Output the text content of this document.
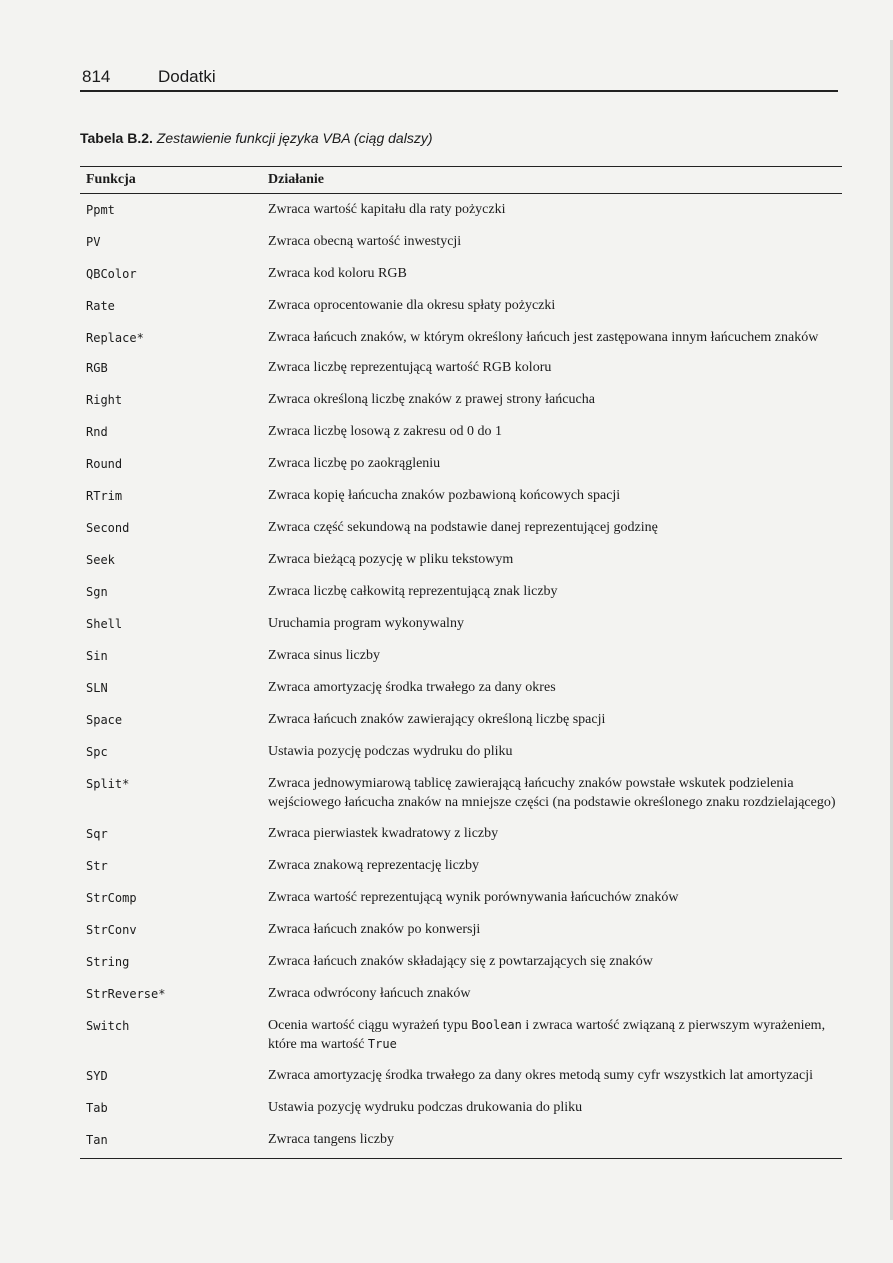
814	Dodatki
Tabela B.2. Zestawienie funkcji języka VBA (ciąg dalszy)
Funkcja	Działanie
Ppmt	Zwraca wartość kapitału dla raty pożyczki
PV	Zwraca obecną wartość inwestycji
QBColor	Zwraca kod koloru RGB
Rate	Zwraca oprocentowanie dla okresu spłaty pożyczki
Replace*	Zwraca łańcuch znaków, w którym określony łańcuch jest zastępowana innym łańcuchem znaków
RGB	Zwraca liczbę reprezentującą wartość RGB koloru
Right	Zwraca określoną liczbę znaków z prawej strony łańcucha
Rnd	Zwraca liczbę losową z zakresu od 0 do 1
Round	Zwraca liczbę po zaokrągleniu
RTrim	Zwraca kopię łańcucha znaków pozbawioną końcowych spacji
Second	Zwraca część sekundową na podstawie danej reprezentującej godzinę
Seek	Zwraca bieżącą pozycję w pliku tekstowym
Sgn	Zwraca liczbę całkowitą reprezentującą znak liczby
Shell	Uruchamia program wykonywalny
Sin	Zwraca sinus liczby
SLN	Zwraca amortyzację środka trwałego za dany okres
Space	Zwraca łańcuch znaków zawierający określoną liczbę spacji
Spc	Ustawia pozycję podczas wydruku do pliku
Split*	Zwraca jednowymiarową tablicę zawierającą łańcuchy znaków powstałe wskutek podzielenia wejściowego łańcucha znaków na mniejsze części (na podstawie określonego znaku rozdzielającego)
Sqr	Zwraca pierwiastek kwadratowy z liczby
Str	Zwraca znakową reprezentację liczby
StrComp	Zwraca wartość reprezentującą wynik porównywania łańcuchów znaków
StrConv	Zwraca łańcuch znaków po konwersji
String	Zwraca łańcuch znaków składający się z powtarzających się znaków
StrReverse*	Zwraca odwrócony łańcuch znaków
Switch	Ocenia wartość ciągu wyrażeń typu Boolean i zwraca wartość związaną z pierwszym wyrażeniem, które ma wartość True
SYD	Zwraca amortyzację środka trwałego za dany okres metodą sumy cyfr wszystkich lat amortyzacji
Tab	Ustawia pozycję wydruku podczas drukowania do pliku
Tan	Zwraca tangens liczby
